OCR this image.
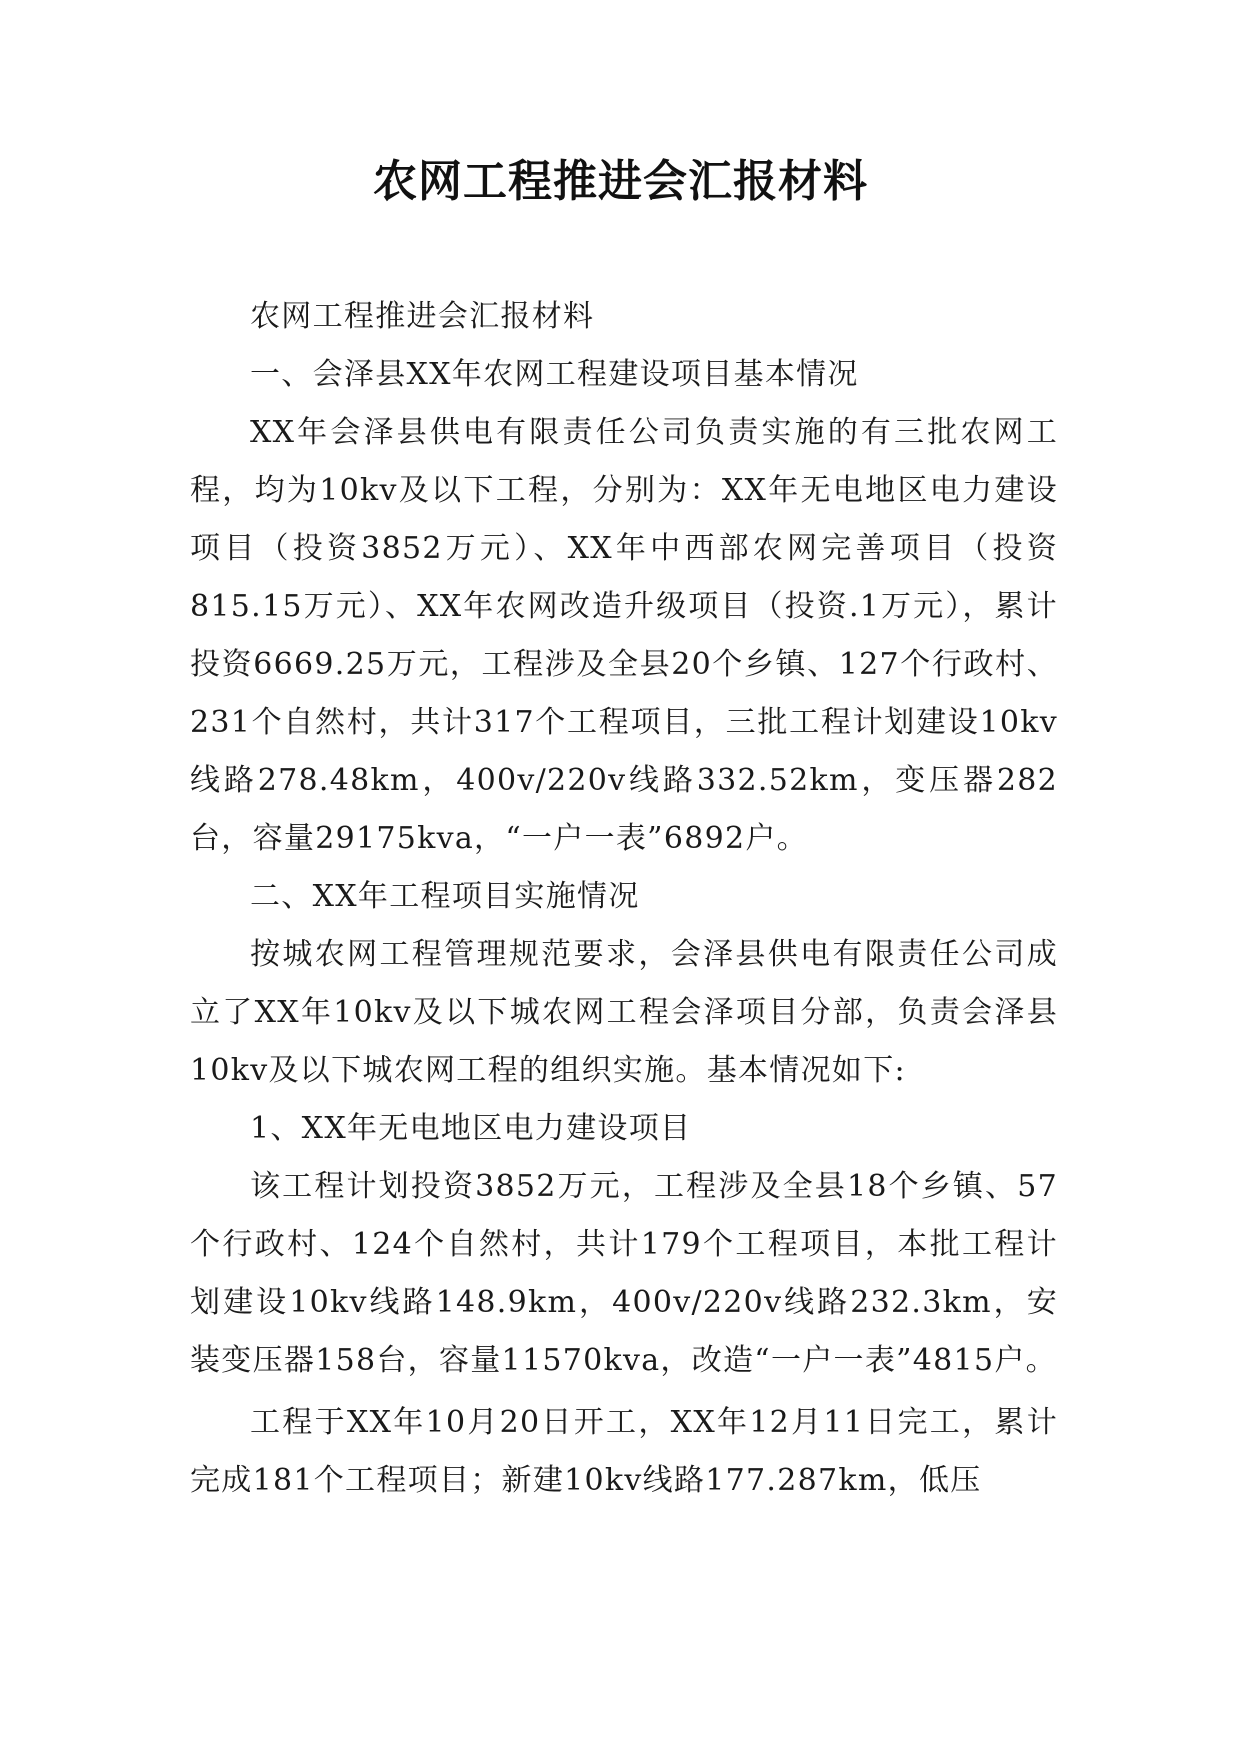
农网工程推进会汇报材料

农网工程推进会汇报材料

一、会泽县XX年农网工程建设项目基本情况

XX年会泽县供电有限责任公司负责实施的有三批农网工程，均为10kv及以下工程，分别为：XX年无电地区电力建设项目（投资3852万元）、XX年中西部农网完善项目（投资815.15万元）、XX年农网改造升级项目（投资.1万元），累计投资6669.25万元，工程涉及全县20个乡镇、127个行政村、231个自然村，共计317个工程项目，三批工程计划建设10kv线路278.48km，400v/220v线路332.52km，变压器282台，容量29175kva，“一户一表”6892户。

二、XX年工程项目实施情况

按城农网工程管理规范要求，会泽县供电有限责任公司成立了XX年10kv及以下城农网工程会泽项目分部，负责会泽县10kv及以下城农网工程的组织实施。基本情况如下:

1、XX年无电地区电力建设项目

该工程计划投资3852万元，工程涉及全县18个乡镇、57个行政村、124个自然村，共计179个工程项目，本批工程计划建设10kv线路148.9km，400v/220v线路232.3km，安装变压器158台，容量11570kva，改造“一户一表”4815户。

工程于XX年10月20日开工，XX年12月11日完工，累计完成181个工程项目；新建10kv线路177.287km，低压
